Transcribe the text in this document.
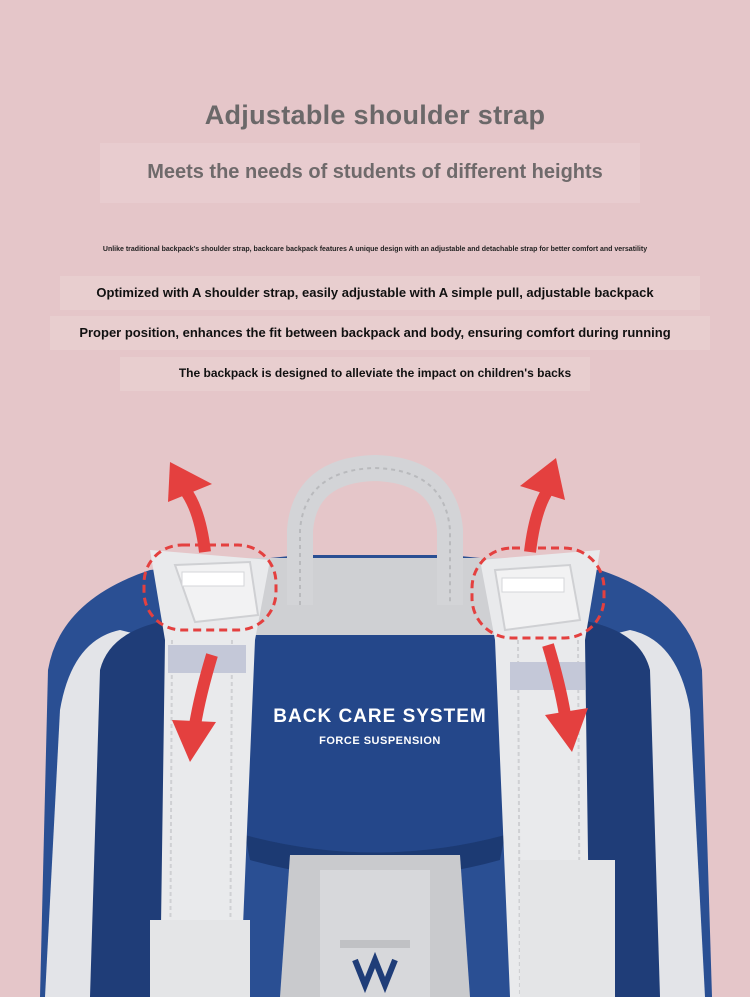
Adjustable shoulder strap
Meets the needs of students of different heights
Unlike traditional backpack's shoulder strap, backcare backpack features A unique design with an adjustable and detachable strap for better comfort and versatility
Optimized with A shoulder strap, easily adjustable with A simple pull, adjustable backpack
Proper position, enhances the fit between backpack and body, ensuring comfort during running
The backpack is designed to alleviate the impact on children's backs
BACK CARE SYSTEM
FORCE SUSPENSION
